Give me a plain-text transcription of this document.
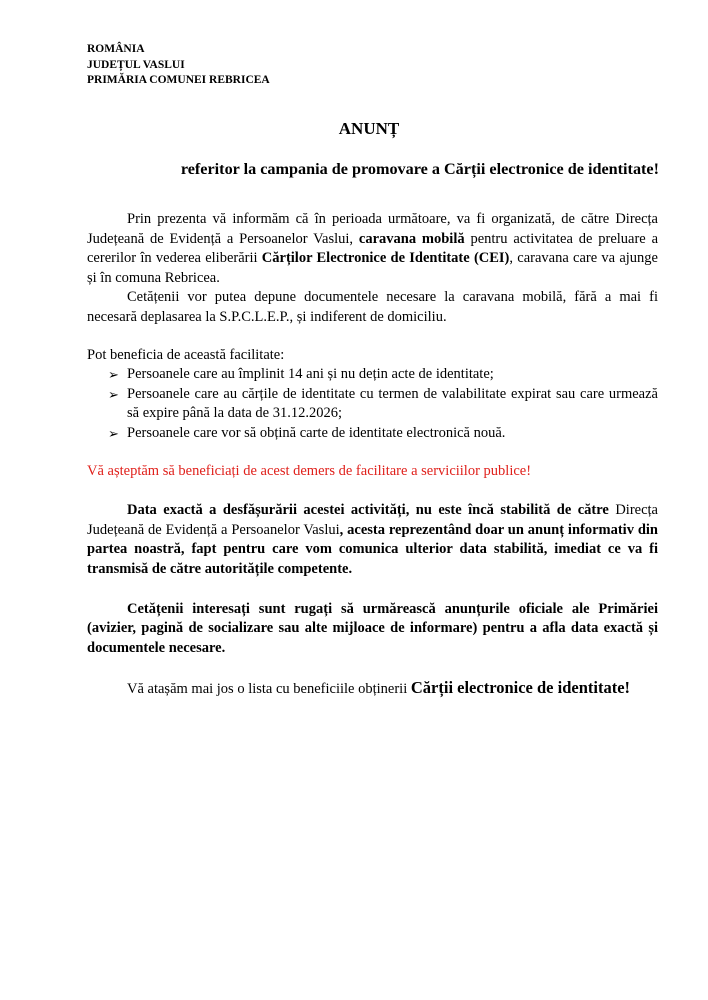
ROMÂNIA
JUDEȚUL VASLUI
PRIMĂRIA COMUNEI REBRICEA
ANUNȚ
referitor la campania de promovare a Cărții electronice de identitate!

Prin prezenta vă informăm că în perioada următoare, va fi organizată, de către Direcța Județeană de Evidență a Persoanelor Vaslui, caravana mobilă pentru activitatea de preluare a cererilor în vederea eliberării Cărților Electronice de Identitate (CEI), caravana care va ajunge și în comuna Rebricea.

Cetățenii vor putea depune documentele necesare la caravana mobilă, fără a mai fi necesară deplasarea la S.P.C.L.E.P., și indiferent de domiciliu.

Pot beneficia de această facilitate:

➢ Persoanele care au împlinit 14 ani și nu dețin acte de identitate;
➢ Persoanele care au cărțile de identitate cu termen de valabilitate expirat sau care urmează să expire până la data de 31.12.2026;
➢ Persoanele care vor să obțină carte de identitate electronică nouă.

Vă așteptăm să beneficiați de acest demers de facilitare a serviciilor publice!

Data exactă a desfășurării acestei activități, nu este încă stabilită de către Direcța Județeană de Evidență a Persoanelor Vaslui, acesta reprezentând doar un anunț informativ din partea noastră, fapt pentru care vom comunica ulterior data stabilită, imediat ce va fi transmisă de către autoritățile competente.

Cetățenii interesați sunt rugați să urmărească anunțurile oficiale ale Primăriei (avizier, pagină de socializare sau alte mijloace de informare) pentru a afla data exactă și documentele necesare.

Vă atașăm mai jos o lista cu beneficiile obținerii Cărții electronice de identitate!
